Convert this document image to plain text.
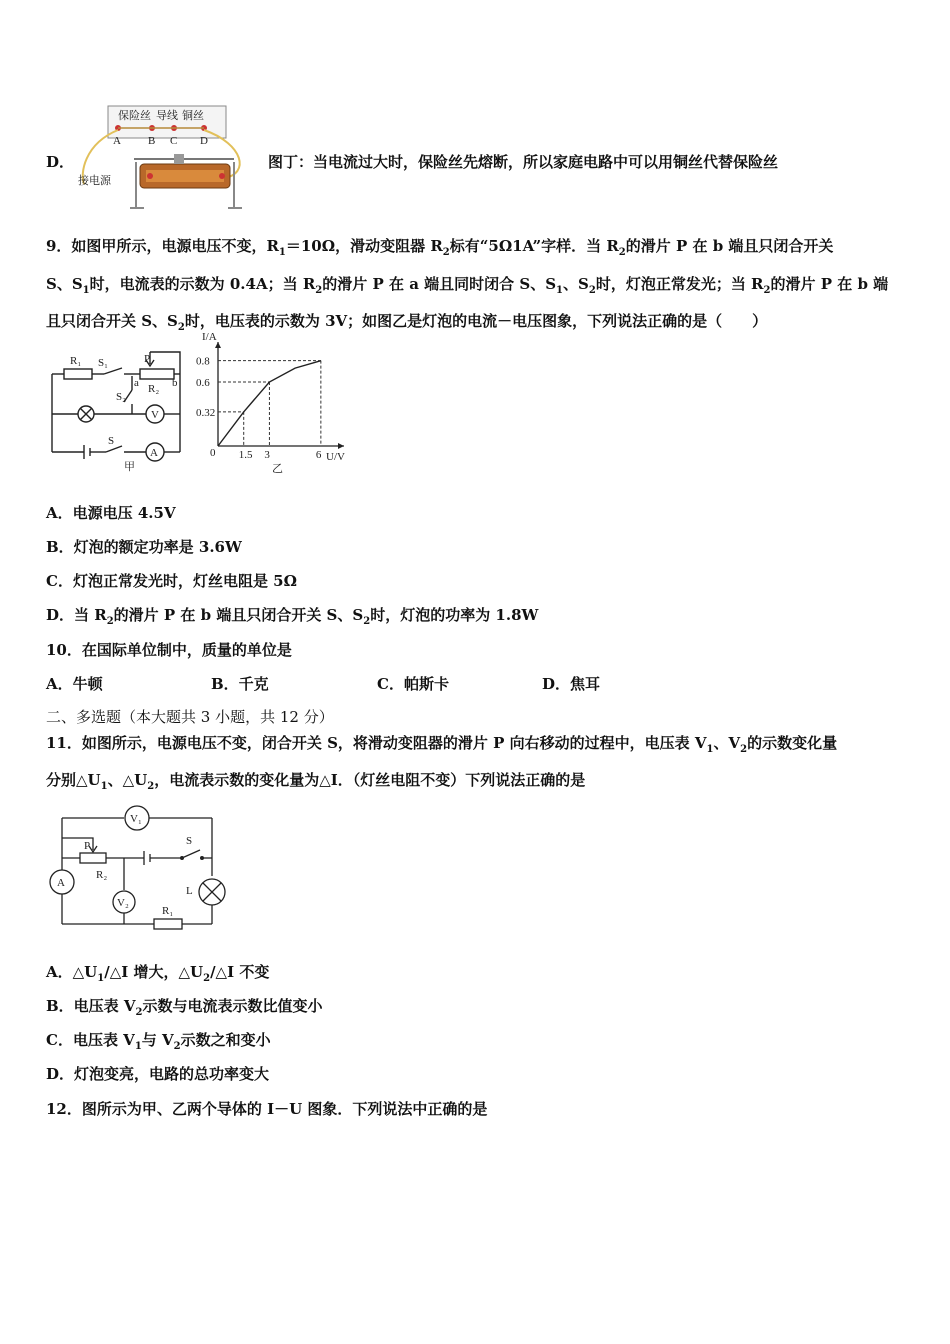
D．
保险丝 导线 铜丝
A B C D
接电源
图丁：当电流过大时，保险丝先熔断，所以家庭电路中可以用铜丝代替保险丝
9．如图甲所示，电源电压不变，$R_1=10\Omega$，滑动变阻器 $R_2$标有“5Ω1A”字样．当 $R_2$的滑片 P 在 b 端且只闭合开关
S、$S_1$时，电流表的示数为 0.4A；当 $R_2$的滑片 P 在 a 端且同时闭合 S、$S_1$、$S_2$时，灯泡正常发光；当 $R_2$的滑片 P 在 b 端
且只闭合开关 S、$S_2$时，电压表的示数为 3V；如图乙是灯泡的电流－电压图象，下列说法正确的是（　　）
R₁ S₁	P
R₂
a	b
S₂
V
S
A
甲
U/V
I/A
0
乙
1.5 3	6
0.32
0.6
0.8
A．电源电压 4.5V
B．灯泡的额定功率是 3.6W
C．灯泡正常发光时，灯丝电阻是 5Ω
D．当 $R_2$的滑片 P 在 b 端且只闭合开关 S、$S_2$时，灯泡的功率为 1.8W
10．在国际单位制中，质量的单位是
A．牛顿	B．千克	C．帕斯卡	D．焦耳
二、多选题（本大题共 3 小题，共 12 分）
11．如图所示，电源电压不变，闭合开关 S，将滑动变阻器的滑片 P 向右移动的过程中，电压表 $V_1$、$V_2$的示数变化量
分别$\triangle U_1$、$\triangle U_2$，电流表示数的变化量为△I．（灯丝电阻不变）下列说法正确的是
V₁
P	S
A
R₂
V₂
L
R₁
A．$\triangle U_1/\triangle I$ 增大，$\triangle U_2/\triangle I$ 不变
B．电压表 $V_2$示数与电流表示数比值变小
C．电压表 $V_1$与 $V_2$示数之和变小
D．灯泡变亮，电路的总功率变大
12．图所示为甲、乙两个导体的 I－U 图象．下列说法中正确的是
